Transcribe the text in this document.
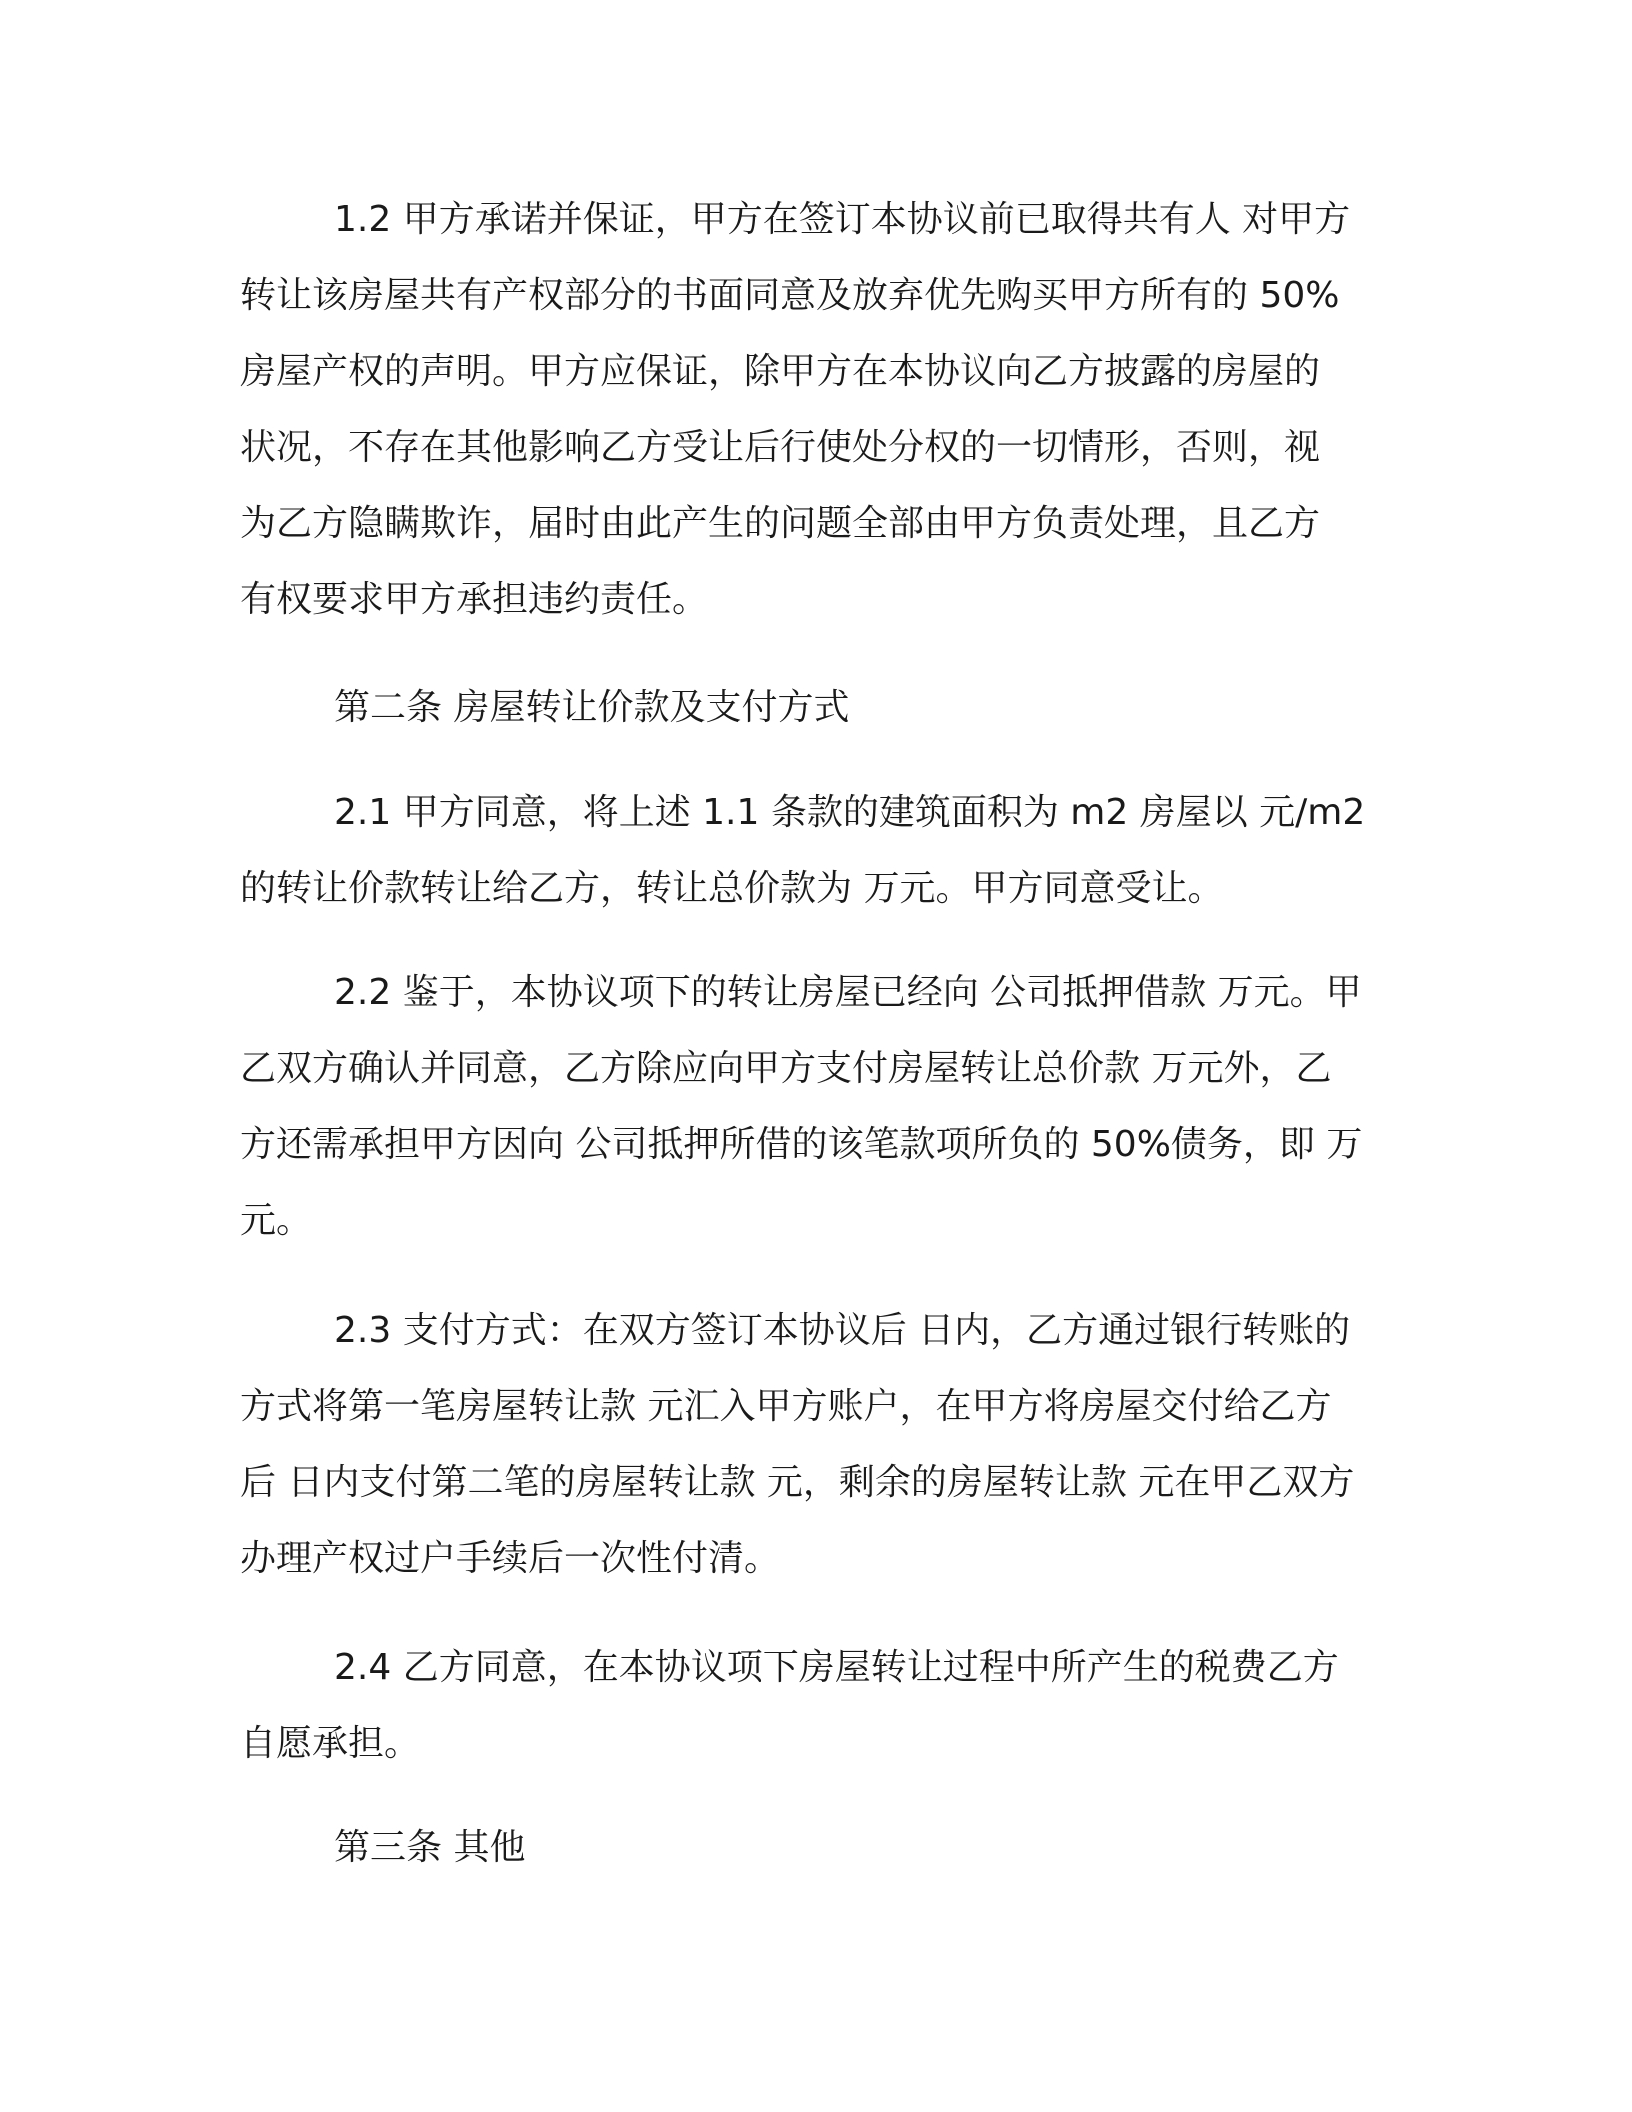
1.2 甲方承诺并保证，甲方在签订本协议前已取得共有人 对甲方
转让该房屋共有产权部分的书面同意及放弃优先购买甲方所有的 50%
房屋产权的声明。甲方应保证，除甲方在本协议向乙方披露的房屋的
状况，不存在其他影响乙方受让后行使处分权的一切情形，否则，视
为乙方隐瞒欺诈，届时由此产生的问题全部由甲方负责处理，且乙方
有权要求甲方承担违约责任。
第二条 房屋转让价款及支付方式
2.1 甲方同意，将上述 1.1 条款的建筑面积为 m2 房屋以 元/m2
的转让价款转让给乙方，转让总价款为 万元。甲方同意受让。
2.2 鉴于，本协议项下的转让房屋已经向 公司抵押借款 万元。甲
乙双方确认并同意，乙方除应向甲方支付房屋转让总价款 万元外，乙
方还需承担甲方因向 公司抵押所借的该笔款项所负的 50%债务，即 万
元。
2.3 支付方式：在双方签订本协议后 日内，乙方通过银行转账的
方式将第一笔房屋转让款 元汇入甲方账户，在甲方将房屋交付给乙方
后 日内支付第二笔的房屋转让款 元，剩余的房屋转让款 元在甲乙双方
办理产权过户手续后一次性付清。
2.4 乙方同意，在本协议项下房屋转让过程中所产生的税费乙方
自愿承担。
第三条 其他
